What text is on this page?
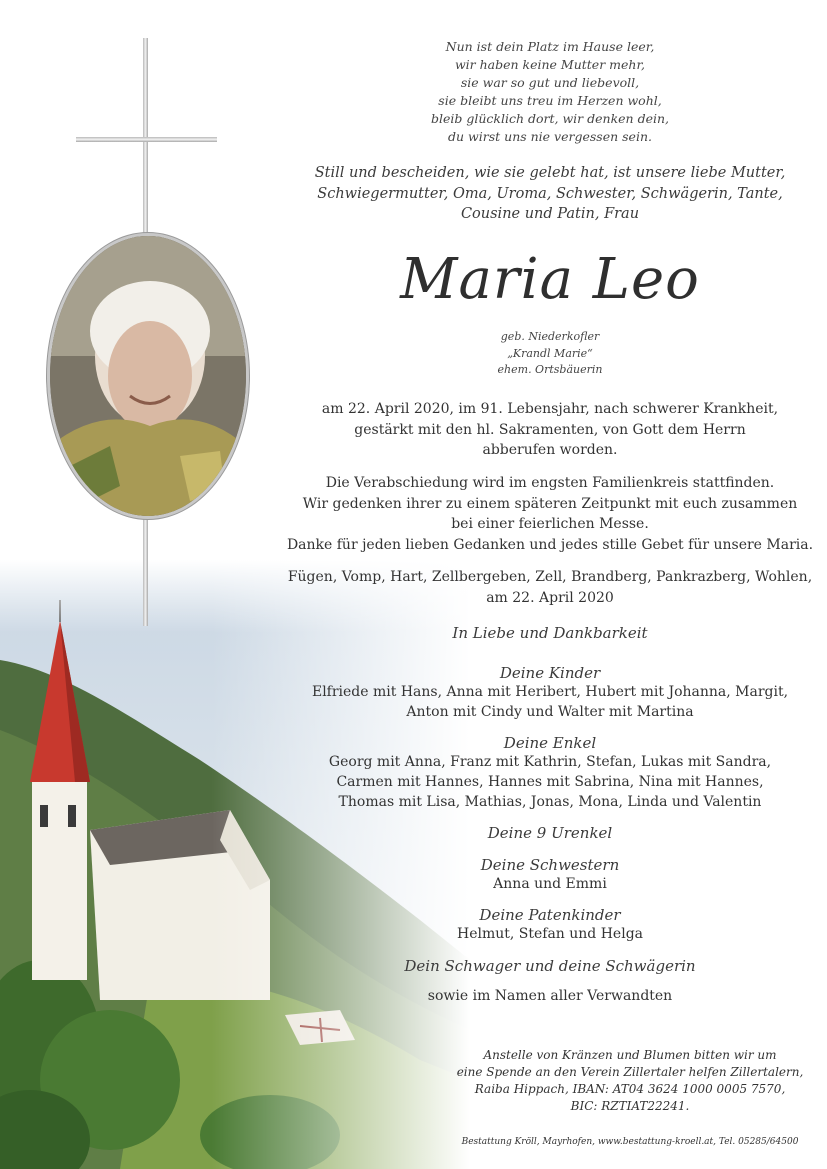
Nun ist dein Platz im Hause leer,
wir haben keine Mutter mehr,
sie war so gut und liebevoll,
sie bleibt uns treu im Herzen wohl,
bleib glücklich dort, wir denken dein,
du wirst uns nie vergessen sein.
Still und bescheiden, wie sie gelebt hat, ist unsere liebe Mutter,
Schwiegermutter, Oma, Uroma, Schwester, Schwägerin, Tante,
Cousine und Patin, Frau
Maria Leo
geb. Niederkofler
„Krandl Marie“
ehem. Ortsbäuerin
am 22. April 2020, im 91. Lebensjahr, nach schwerer Krankheit,
gestärkt mit den hl. Sakramenten, von Gott dem Herrn
abberufen worden.
Die Verabschiedung wird im engsten Familienkreis stattfinden.
Wir gedenken ihrer zu einem späteren Zeitpunkt mit euch zusammen
bei einer feierlichen Messe.
Danke für jeden lieben Gedanken und jedes stille Gebet für unsere Maria.
Fügen, Vomp, Hart, Zellbergeben, Zell, Brandberg, Pankrazberg, Wohlen,
am 22. April 2020
In Liebe und Dankbarkeit
Deine Kinder
Elfriede mit Hans, Anna mit Heribert, Hubert mit Johanna, Margit,
Anton mit Cindy und Walter mit Martina
Deine Enkel
Georg mit Anna, Franz mit Kathrin, Stefan, Lukas mit Sandra,
Carmen mit Hannes, Hannes mit Sabrina, Nina mit Hannes,
Thomas mit Lisa, Mathias, Jonas, Mona, Linda und Valentin
Deine 9 Urenkel
Deine Schwestern
Anna und Emmi
Deine Patenkinder
Helmut, Stefan und Helga
Dein Schwager und deine Schwägerin
sowie im Namen aller Verwandten
Anstelle von Kränzen und Blumen bitten wir um
eine Spende an den Verein Zillertaler helfen Zillertalern,
Raiba Hippach, IBAN: AT04 3624 1000 0005 7570,
BIC: RZTIAT22241.
Bestattung Kröll, Mayrhofen, www.bestattung-kroell.at, Tel. 05285/64500
